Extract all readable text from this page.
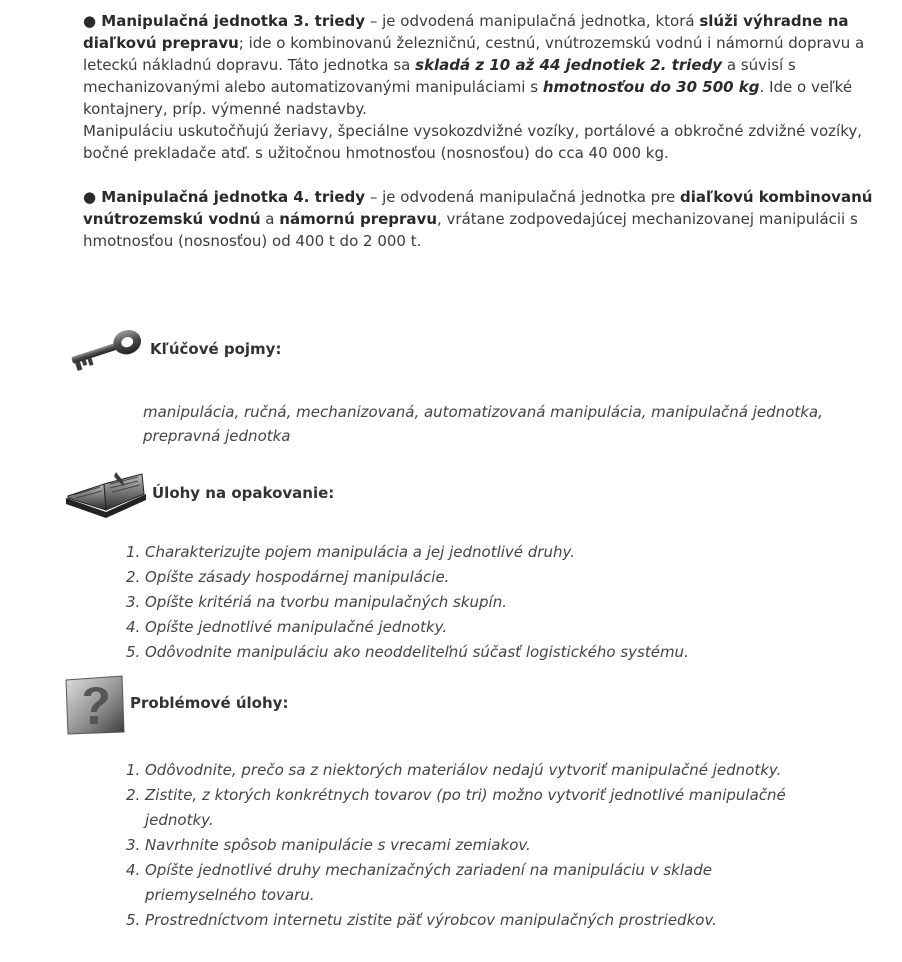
● Manipulačná jednotka 3. triedy – je odvodená manipulačná jednotka, ktorá slúži výhradne na diaľkovú prepravu; ide o kombinovanú železničnú, cestnú, vnútrozemskú vodnú i námornú dopravu a leteckú nákladnú dopravu. Táto jednotka sa skladá z 10 až 44 jednotiek 2. triedy a súvisí s mechanizovanými alebo automatizovanými manipuláciami s hmotnosťou do 30 500 kg. Ide o veľké kontajnery, príp. výmenné nadstavby.
Manipuláciu uskutočňujú žeriavy, špeciálne vysokozdvižné vozíky, portálové a obkročné zdvižné vozíky, bočné prekladače atď. s užitočnou hmotnosťou (nosnosťou) do cca 40 000 kg.

● Manipulačná jednotka 4. triedy – je odvodená manipulačná jednotka pre diaľkovú kombinovanú vnútrozemskú vodnú a námornú prepravu, vrátane zodpovedajúcej mechanizovanej manipulácii s hmotnosťou (nosnosťou) od 400 t do 2 000 t.

Kľúčové pojmy:

manipulácia, ručná, mechanizovaná, automatizovaná manipulácia, manipulačná jednotka, prepravná jednotka

Úlohy na opakovanie:
1. Charakterizujte pojem manipulácia a jej jednotlivé druhy.
2. Opíšte zásady hospodárnej manipulácie.
3. Opíšte kritériá na tvorbu manipulačných skupín.
4. Opíšte jednotlivé manipulačné jednotky.
5. Odôvodnite manipuláciu ako neoddeliteľnú súčasť logistického systému.
Problémové úlohy:
1. Odôvodnite, prečo sa z niektorých materiálov nedajú vytvoriť manipulačné jednotky.
2. Zistite, z ktorých konkrétnych tovarov (po tri) možno vytvoriť jednotlivé manipulačné jednotky.
3. Navrhnite spôsob manipulácie s vrecami zemiakov.
4. Opíšte jednotlivé druhy mechanizačných zariadení na manipuláciu v sklade priemyselného tovaru.
5. Prostredníctvom internetu zistite päť výrobcov manipulačných prostriedkov.
